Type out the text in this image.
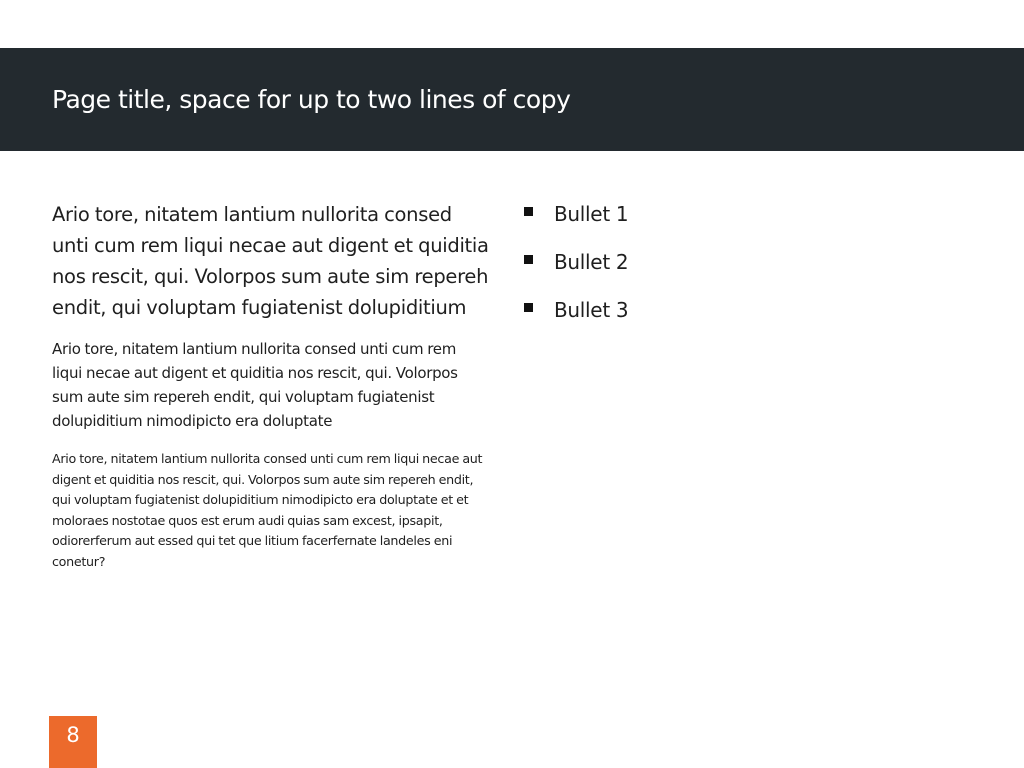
Page title, space for up to two lines of copy

Ario tore, nitatem lantium nullorita consed unti cum rem liqui necae aut digent et quiditia nos rescit, qui. Volorpos sum aute sim repereh endit, qui voluptam fugiatenist dolupiditium

Ario tore, nitatem lantium nullorita consed unti cum rem liqui necae aut digent et quiditia nos rescit, qui. Volorpos sum aute sim repereh endit, qui voluptam fugiatenist dolupiditium nimodipicto era doluptate

Ario tore, nitatem lantium nullorita consed unti cum rem liqui necae aut digent et quiditia nos rescit, qui. Volorpos sum aute sim repereh endit, qui voluptam fugiatenist dolupiditium nimodipicto era doluptate et et moloraes nostotae quos est erum audi quias sam excest, ipsapit, odiorerferum aut essed qui tet que litium facerfernate landeles eni conetur?

Bullet 1
Bullet 2
Bullet 3
8
